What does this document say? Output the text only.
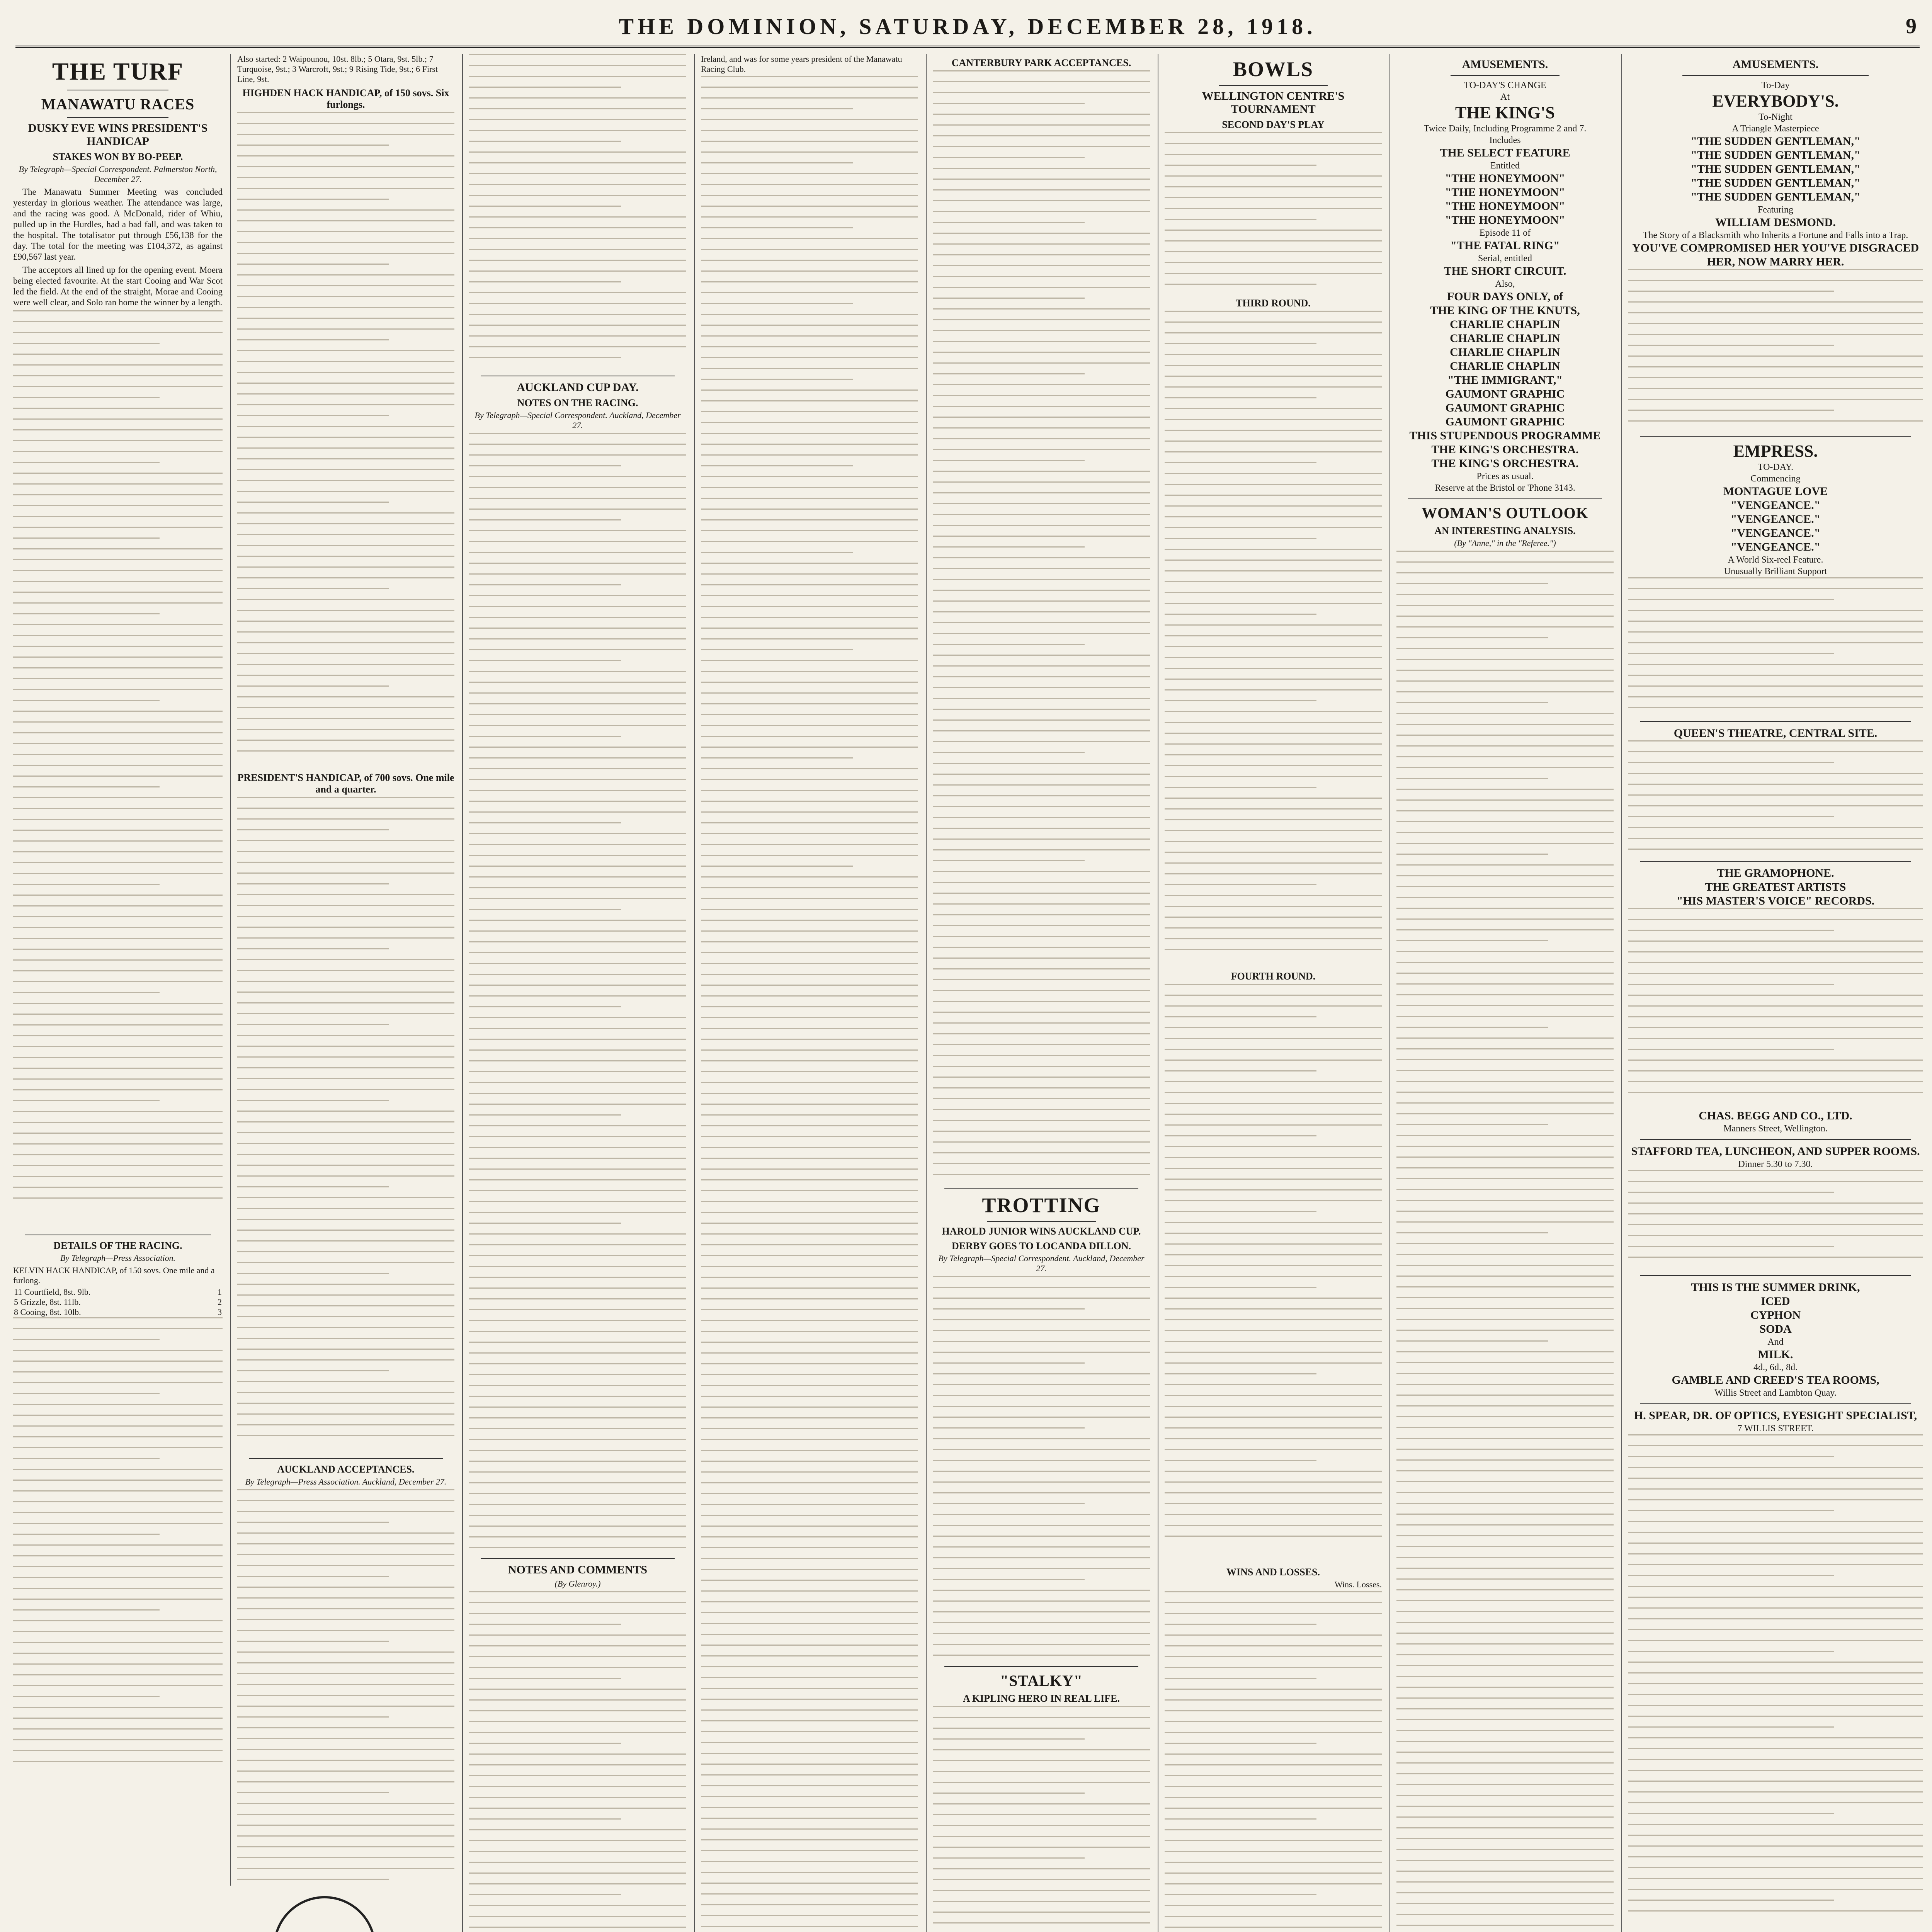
THE DOMINION, SATURDAY, DECEMBER 28, 1918.	9
THE TURF
MANAWATU RACES
DUSKY EVE WINS PRESIDENT'S HANDICAP
STAKES WON BY BO-PEEP.
By Telegraph—Special Correspondent. Palmerston North, December 27.

The Manawatu Summer Meeting was concluded yesterday in glorious weather. The attendance was large, and the racing was good. A McDonald, rider of Whiu, pulled up in the Hurdles, had a bad fall, and was taken to the hospital. The totalisator put through £56,138 for the day. The total for the meeting was £104,372, as against £90,567 last year.

The acceptors all lined up for the opening event. Moera being elected favourite. At the start Cooing and War Scot led the field. At the end of the straight, Morae and Cooing were well clear, and Solo ran home the winner by a length.

DETAILS OF THE RACING.
By Telegraph—Press Association.

KELVIN HACK HANDICAP, of 150 sovs. One mile and a furlong.

11 Courtfield, 8st. 9lb.	1
5 Grizzle, 8st. 11lb.	2
8 Cooing, 8st. 10lb.	3

Also started: 2 Waipounou, 10st. 8lb.; 5 Otara, 9st. 5lb.; 7 Turquoise, 9st.; 3 Warcroft, 9st.; 9 Rising Tide, 9st.; 6 First Line, 9st.

HIGHDEN HACK HANDICAP, of 150 sovs. Six furlongs.
PRESIDENT'S HANDICAP, of 700 sovs. One mile and a quarter.
AUCKLAND ACCEPTANCES.
By Telegraph—Press Association. Auckland, December 27.

AUCKLAND CUP DAY.
NOTES ON THE RACING.
By Telegraph—Special Correspondent. Auckland, December 27.
NOTES AND COMMENTS
(By Glenroy.)

Ireland, and was for some years president of the Manawatu Racing Club.

CANTERBURY PARK ACCEPTANCES.
TROTTING
HAROLD JUNIOR WINS AUCKLAND CUP.
DERBY GOES TO LOCANDA DILLON.
By Telegraph—Special Correspondent. Auckland, December 27.
BOWLS
WELLINGTON CENTRE'S TOURNAMENT
SECOND DAY'S PLAY
THIRD ROUND.
FOURTH ROUND.
WINS AND LOSSES.
Wins. Losses.

"STALKY"
A KIPLING HERO IN REAL LIFE.
AMUSEMENTS.
TO-DAY'S CHANGE
At
THE KING'S
Twice Daily, Including Programme 2 and 7.
Includes
THE SELECT FEATURE
Entitled
"THE HONEYMOON"
"THE HONEYMOON"
"THE HONEYMOON"
"THE HONEYMOON"
Episode 11 of
"THE FATAL RING"
Serial, entitled
THE SHORT CIRCUIT.
Also,
FOUR DAYS ONLY, of
THE KING OF THE KNUTS,
CHARLIE CHAPLIN
CHARLIE CHAPLIN
CHARLIE CHAPLIN
CHARLIE CHAPLIN
"THE IMMIGRANT,"
GAUMONT GRAPHIC
GAUMONT GRAPHIC
GAUMONT GRAPHIC
THIS STUPENDOUS PROGRAMME
THE KING'S ORCHESTRA.
THE KING'S ORCHESTRA.
Prices as usual.
Reserve at the Bristol or 'Phone 3143.
WOMAN'S OUTLOOK
AN INTERESTING ANALYSIS.
(By "Anne," in the "Referee.")
AMUSEMENTS.
To-Day
EVERYBODY'S.
To-Night
A Triangle Masterpiece
"THE SUDDEN GENTLEMAN,"
"THE SUDDEN GENTLEMAN,"
"THE SUDDEN GENTLEMAN,"
"THE SUDDEN GENTLEMAN,"
"THE SUDDEN GENTLEMAN,"
Featuring
WILLIAM DESMOND.
The Story of a Blacksmith who Inherits a Fortune and Falls into a Trap.
YOU'VE COMPROMISED HER YOU'VE DISGRACED HER, NOW MARRY HER.
EMPRESS.
TO-DAY.
Commencing
MONTAGUE LOVE
"VENGEANCE."
"VENGEANCE."
"VENGEANCE."
"VENGEANCE."
A World Six-reel Feature.
Unusually Brilliant Support
QUEEN'S THEATRE, CENTRAL SITE.
THE GRAMOPHONE.
THE GREATEST ARTISTS
"HIS MASTER'S VOICE" RECORDS.
CHAS. BEGG AND CO., LTD.
Manners Street, Wellington.
STAFFORD TEA, LUNCHEON, AND SUPPER ROOMS.
Dinner 5.30 to 7.30.
THIS IS THE SUMMER DRINK,
ICED
CYPHON
SODA
And
MILK.
4d., 6d., 8d.
GAMBLE AND CREED'S TEA ROOMS,
Willis Street and Lambton Quay.
H. SPEAR, DR. OF OPTICS, EYESIGHT SPECIALIST,
7 WILLIS STREET.
